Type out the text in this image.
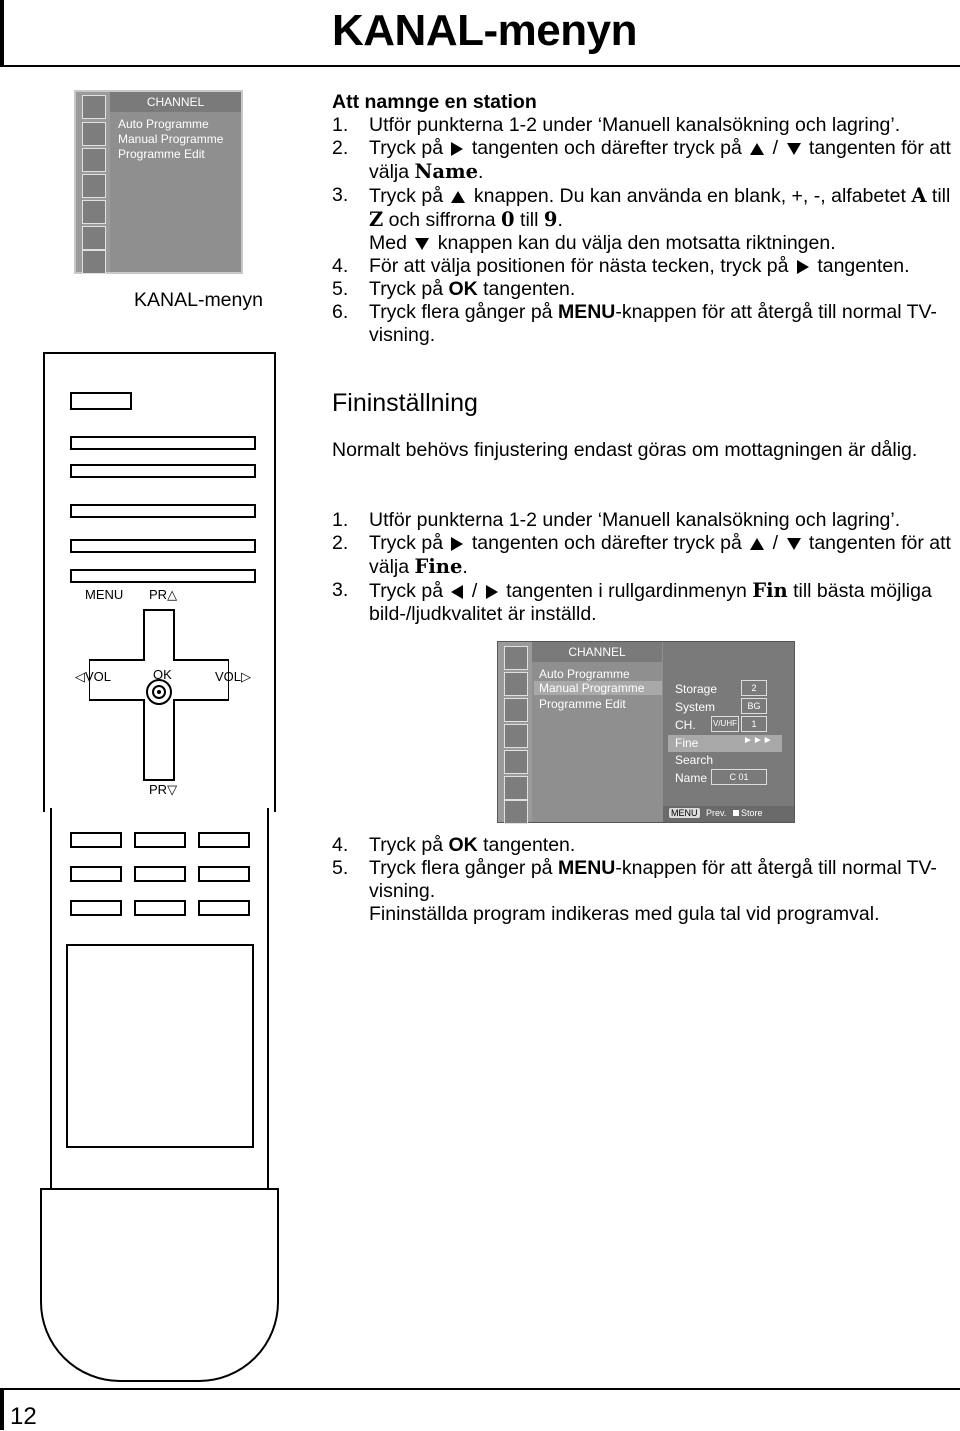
KANAL-menyn
CHANNEL
Auto Programme
Manual Programme
Programme Edit
KANAL-menyn
MENU PR△
◁VOL	OK	VOL▷
PR▽
Att namnge en station
1. Utför punkterna 1-2 under ‘Manuell kanalsökning och lagring’.
2. Tryck på tangenten och därefter tryck på / tangenten för att välja Name.
3. Tryck på knappen. Du kan använda en blank, +, -, alfabetet A till Z och siffrorna 0 till 9.
Med knappen kan du välja den motsatta riktningen.
4. För att välja positionen för nästa tecken, tryck på tangenten.
5. Tryck på OK tangenten.
6. Tryck flera gånger på MENU-knappen för att återgå till normal TV-visning.
Fininställning
Normalt behövs finjustering endast göras om mottagningen är dålig.
1. Utför punkterna 1-2 under ‘Manuell kanalsökning och lagring’.
2. Tryck på tangenten och därefter tryck på / tangenten för att välja Fine.
3. Tryck på / tangenten i rullgardinmenyn Fin till bästa möjliga bild-/ljudkvalitet är inställd.
CHANNEL
Auto Programme
Manual Programme
Programme Edit
Storage	2
System	BG
CH. V/UHF	1
Fine	►►►
Search
Name	C 01
MENU Prev. Store
4. Tryck på OK tangenten.
5. Tryck flera gånger på MENU-knappen för att återgå till normal TV-visning.
Fininställda program indikeras med gula tal vid programval.
12
